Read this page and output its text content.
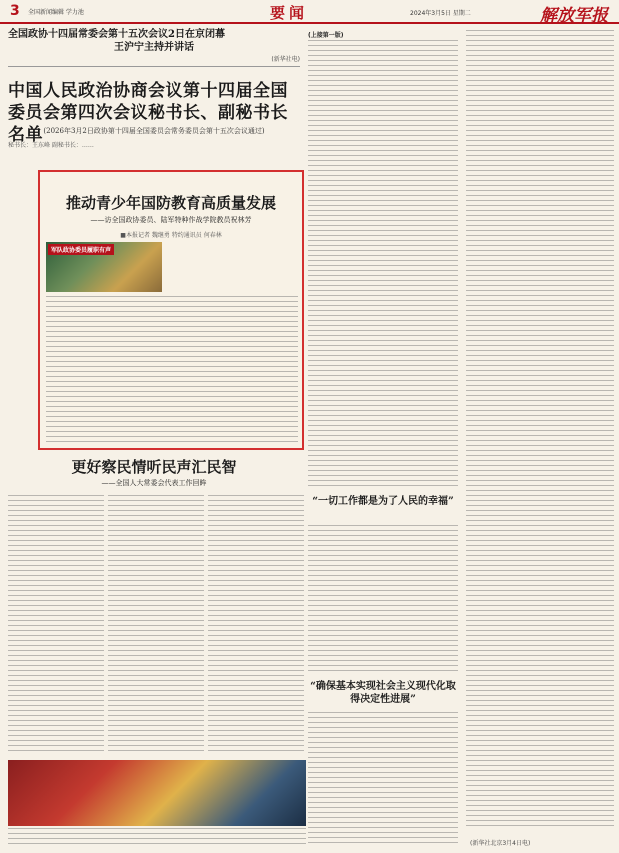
3 全国新闻编辑 学力池	要闻	2024年3月5日 星期二	解放军报
全国政协十四届常委会第十五次会议2日在京闭幕
王沪宁主持并讲话
(新华社电)
中国人民政治协商会议第十四届全国委员会第四次会议秘书长、副秘书长名单 (2026年3月2日政协第十四届全国委员会常务委员会第十五次会议通过)
秘书长：王东峰 副秘书长：……
推动青少年国防教育高质量发展
——访全国政协委员、陆军特种作战学院教员祝林芳
■本报记者 魏继勇 特约通讯员 何春林
军队政协委员履职有声
更好察民情听民声汇民智
——全国人大常委会代表工作回眸
(上接第一版)
“一切工作都是为了人民的幸福”
“确保基本实现社会主义现代化取得决定性进展”
(新华社北京3月4日电)
